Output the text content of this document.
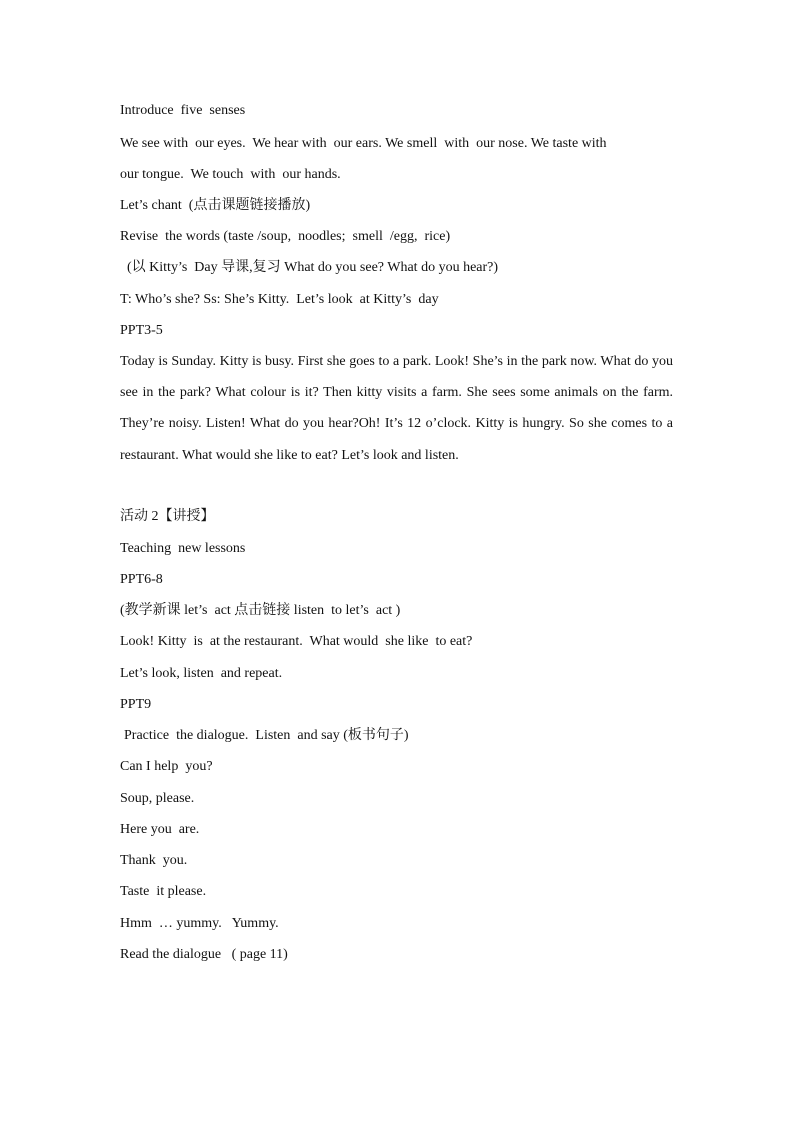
Introduce  five  senses
We see with  our eyes.  We hear with  our ears. We smell  with  our nose. We taste with
our tongue.  We touch  with  our hands.
Let’s chant  (点击课题链接播放)
Revise  the words (taste /soup,  noodles;  smell  /egg,  rice)
(以 Kitty’s  Day 导课,复习 What do you see? What do you hear?)
T: Who’s she? Ss: She’s Kitty.  Let’s look  at Kitty’s  day
PPT3-5
Today is Sunday. Kitty is busy. First she goes to a park. Look! She’s in the park now. What do you see in the park? What colour is it? Then kitty visits a farm. She sees some animals on the farm. They’re noisy. Listen! What do you hear?Oh! It’s 12 o’clock. Kitty is hungry. So she comes to a restaurant. What would she like to eat? Let’s look and listen.
活动 2【讲授】
Teaching  new lessons
PPT6-8
(教学新课 let’s  act 点击链接 listen  to let’s  act )
Look! Kitty  is  at the restaurant.  What would  she like  to eat?
Let’s look, listen  and repeat.
PPT9
Practice  the dialogue.  Listen  and say (板书句子)
Can I help  you?
Soup, please.
Here you  are.
Thank  you.
Taste  it please.
Hmm  … yummy.   Yummy.
Read the dialogue   ( page 11)
